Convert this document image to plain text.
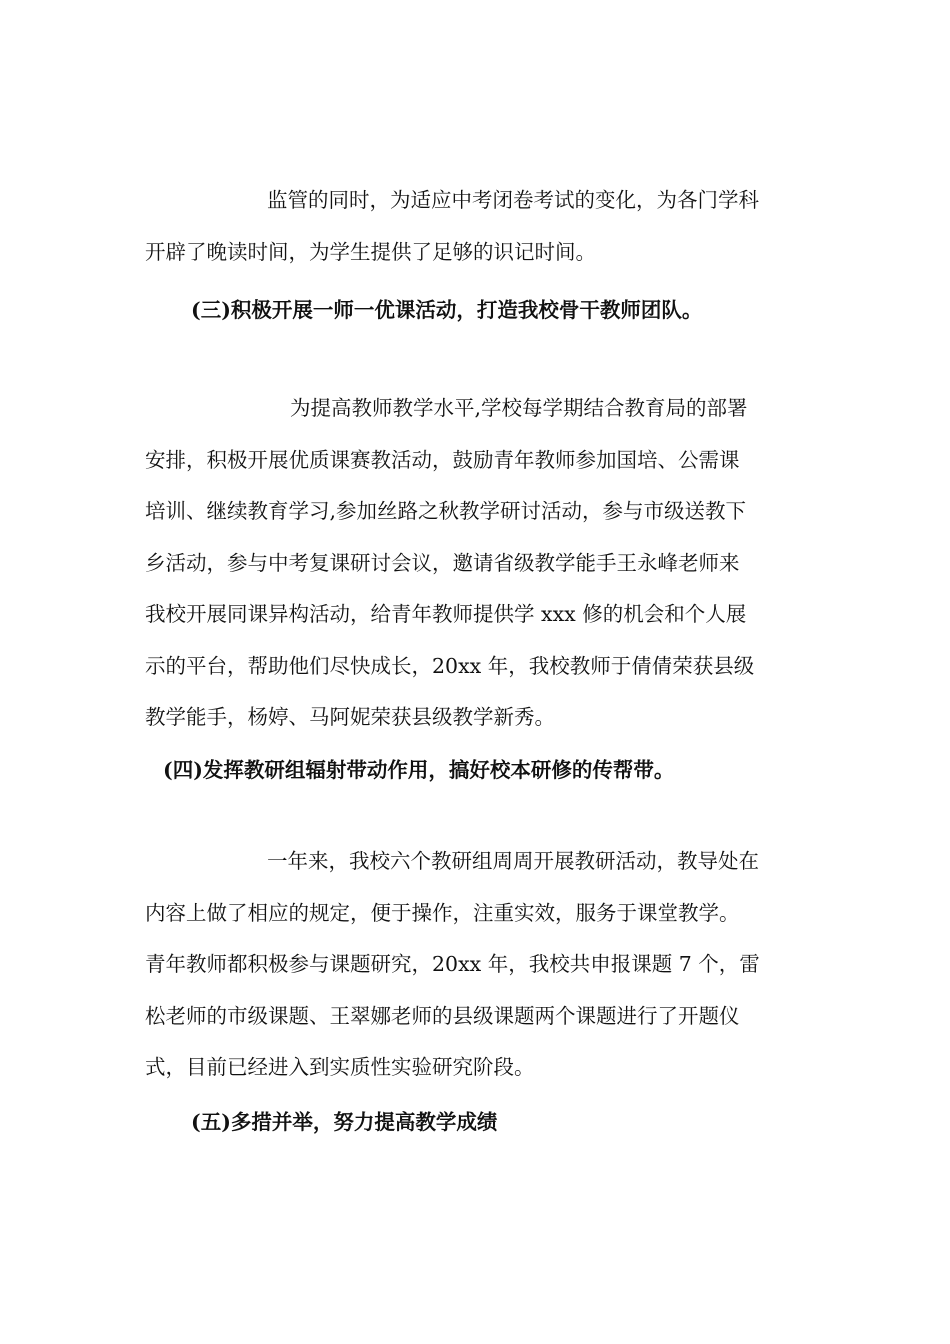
监管的同时，为适应中考闭卷考试的变化，为各门学科
开辟了晚读时间，为学生提供了足够的识记时间。
(三)积极开展一师一优课活动，打造我校骨干教师团队。
为提高教师教学水平,学校每学期结合教育局的部署
安排，积极开展优质课赛教活动，鼓励青年教师参加国培、公需课
培训、继续教育学习,参加丝路之秋教学研讨活动，参与市级送教下
乡活动，参与中考复课研讨会议，邀请省级教学能手王永峰老师来
我校开展同课异构活动，给青年教师提供学 xxx 修的机会和个人展
示的平台，帮助他们尽快成长，20xx 年，我校教师于倩倩荣获县级
教学能手，杨婷、马阿妮荣获县级教学新秀。
(四)发挥教研组辐射带动作用，搞好校本研修的传帮带。
一年来，我校六个教研组周周开展教研活动，教导处在
内容上做了相应的规定，便于操作，注重实效，服务于课堂教学。
青年教师都积极参与课题研究，20xx 年，我校共申报课题 7 个，雷
松老师的市级课题、王翠娜老师的县级课题两个课题进行了开题仪
式，目前已经进入到实质性实验研究阶段。
(五)多措并举，努力提高教学成绩
